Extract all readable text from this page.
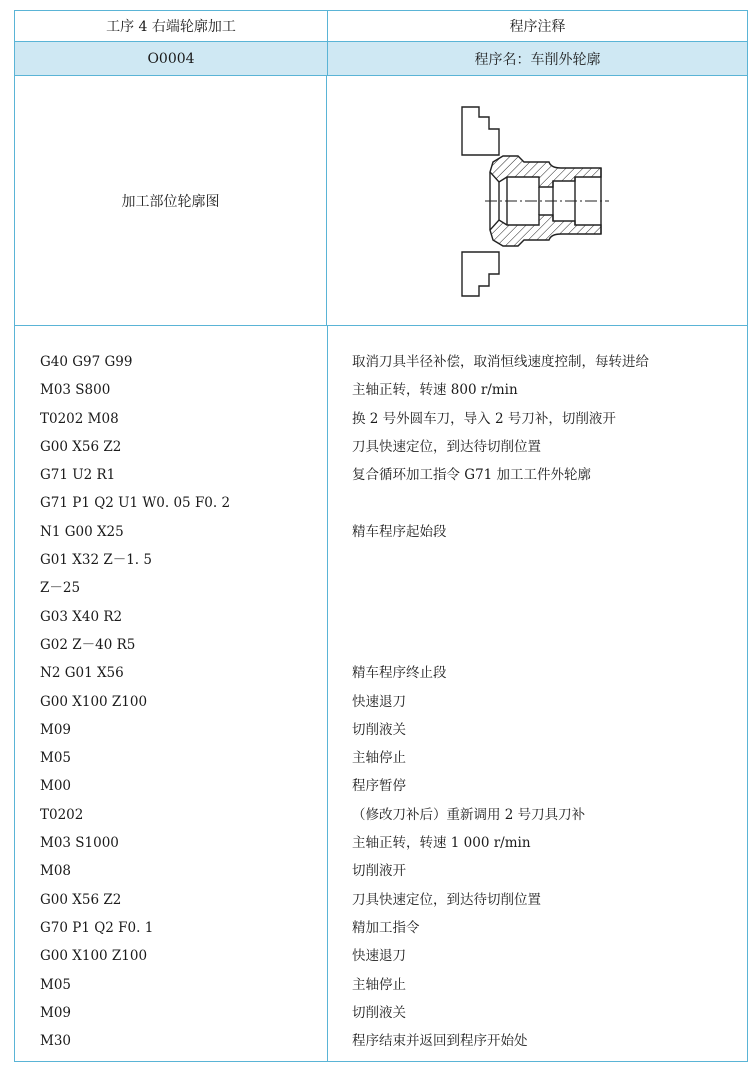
工序 4 右端轮廓加工	程序注释
O0004	程序名：车削外轮廓
加工部位轮廓图
G40 G97 G99
M03 S800
T0202 M08
G00 X56 Z2
G71 U2 R1
G71 P1 Q2 U1 W0. 05 F0. 2
N1 G00 X25
G01 X32 Z－1. 5
Z－25
G03 X40 R2
G02 Z－40 R5
N2 G01 X56
G00 X100 Z100
M09
M05
M00
T0202
M03 S1000
M08
G00 X56 Z2
G70 P1 Q2 F0. 1
G00 X100 Z100
M05
M09
M30
取消刀具半径补偿，取消恒线速度控制，每转进给
主轴正转，转速 800 r/min
换 2 号外圆车刀，导入 2 号刀补，切削液开
刀具快速定位，到达待切削位置
复合循环加工指令 G71 加工工件外轮廓
精车程序起始段
精车程序终止段
快速退刀
切削液关
主轴停止
程序暂停
（修改刀补后）重新调用 2 号刀具刀补
主轴正转，转速 1 000 r/min
切削液开
刀具快速定位，到达待切削位置
精加工指令
快速退刀
主轴停止
切削液关
程序结束并返回到程序开始处
